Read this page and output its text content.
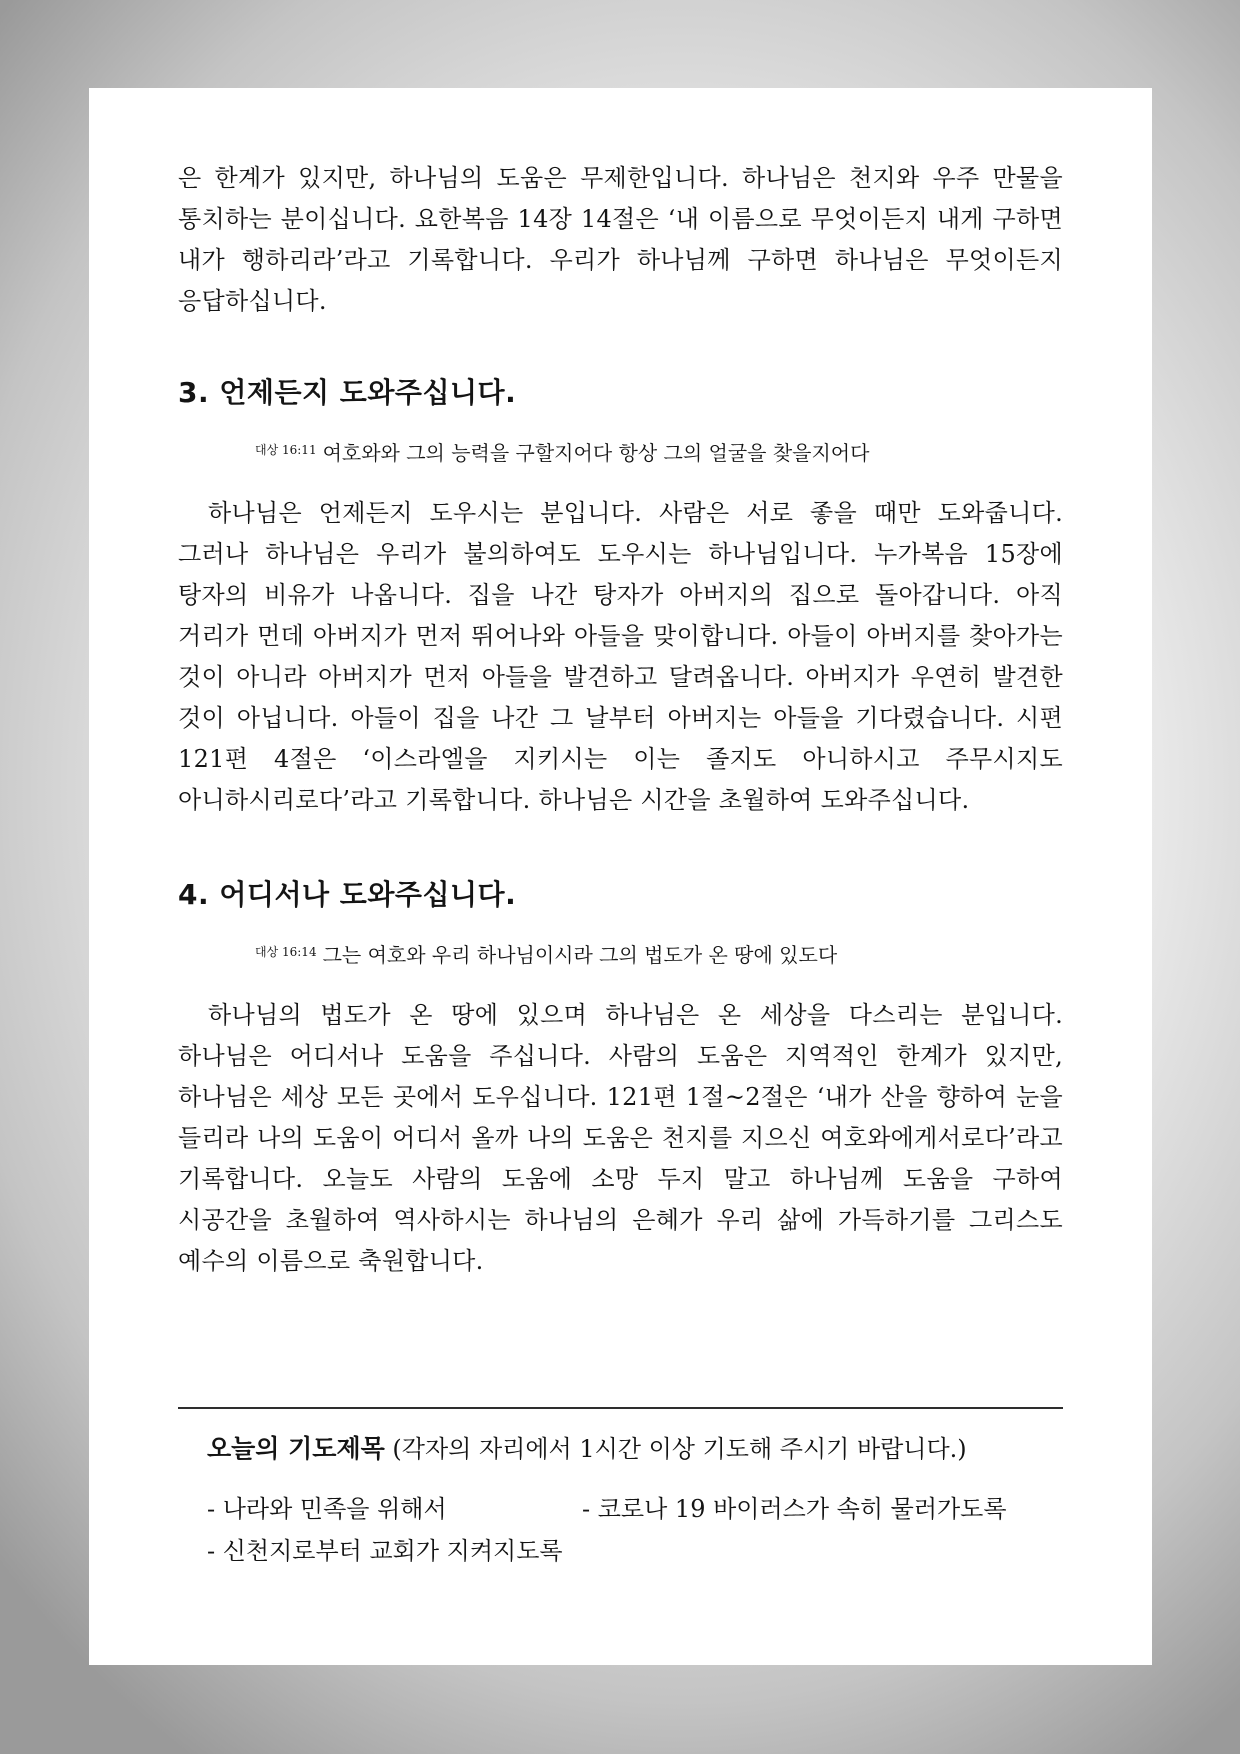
은 한계가 있지만, 하나님의 도움은 무제한입니다. 하나님은 천지와 우주 만물을 통치하는 분이십니다. 요한복음 14장 14절은 ‘내 이름으로 무엇이든지 내게 구하면 내가 행하리라’라고 기록합니다. 우리가 하나님께 구하면 하나님은 무엇이든지 응답하십니다.

3. 언제든지 도와주십니다.
$^{대상 16:11}$ 여호와와 그의 능력을 구할지어다 항상 그의 얼굴을 찾을지어다

하나님은 언제든지 도우시는 분입니다. 사람은 서로 좋을 때만 도와줍니다. 그러나 하나님은 우리가 불의하여도 도우시는 하나님입니다. 누가복음 15장에 탕자의 비유가 나옵니다. 집을 나간 탕자가 아버지의 집으로 돌아갑니다. 아직 거리가 먼데 아버지가 먼저 뛰어나와 아들을 맞이합니다. 아들이 아버지를 찾아가는 것이 아니라 아버지가 먼저 아들을 발견하고 달려옵니다. 아버지가 우연히 발견한 것이 아닙니다. 아들이 집을 나간 그 날부터 아버지는 아들을 기다렸습니다. 시편 121편 4절은 ‘이스라엘을 지키시는 이는 졸지도 아니하시고 주무시지도 아니하시리로다’라고 기록합니다. 하나님은 시간을 초월하여 도와주십니다.

4. 어디서나 도와주십니다.
$^{대상 16:14}$ 그는 여호와 우리 하나님이시라 그의 법도가 온 땅에 있도다

하나님의 법도가 온 땅에 있으며 하나님은 온 세상을 다스리는 분입니다. 하나님은 어디서나 도움을 주십니다. 사람의 도움은 지역적인 한계가 있지만, 하나님은 세상 모든 곳에서 도우십니다. 121편 1절~2절은 ‘내가 산을 향하여 눈을 들리라 나의 도움이 어디서 올까 나의 도움은 천지를 지으신 여호와에게서로다’라고 기록합니다. 오늘도 사람의 도움에 소망 두지 말고 하나님께 도움을 구하여 시공간을 초월하여 역사하시는 하나님의 은혜가 우리 삶에 가득하기를 그리스도 예수의 이름으로 축원합니다.

오늘의 기도제목 (각자의 자리에서 1시간 이상 기도해 주시기 바랍니다.)
- 나라와 민족을 위해서	- 코로나 19 바이러스가 속히 물러가도록
- 신천지로부터 교회가 지켜지도록
